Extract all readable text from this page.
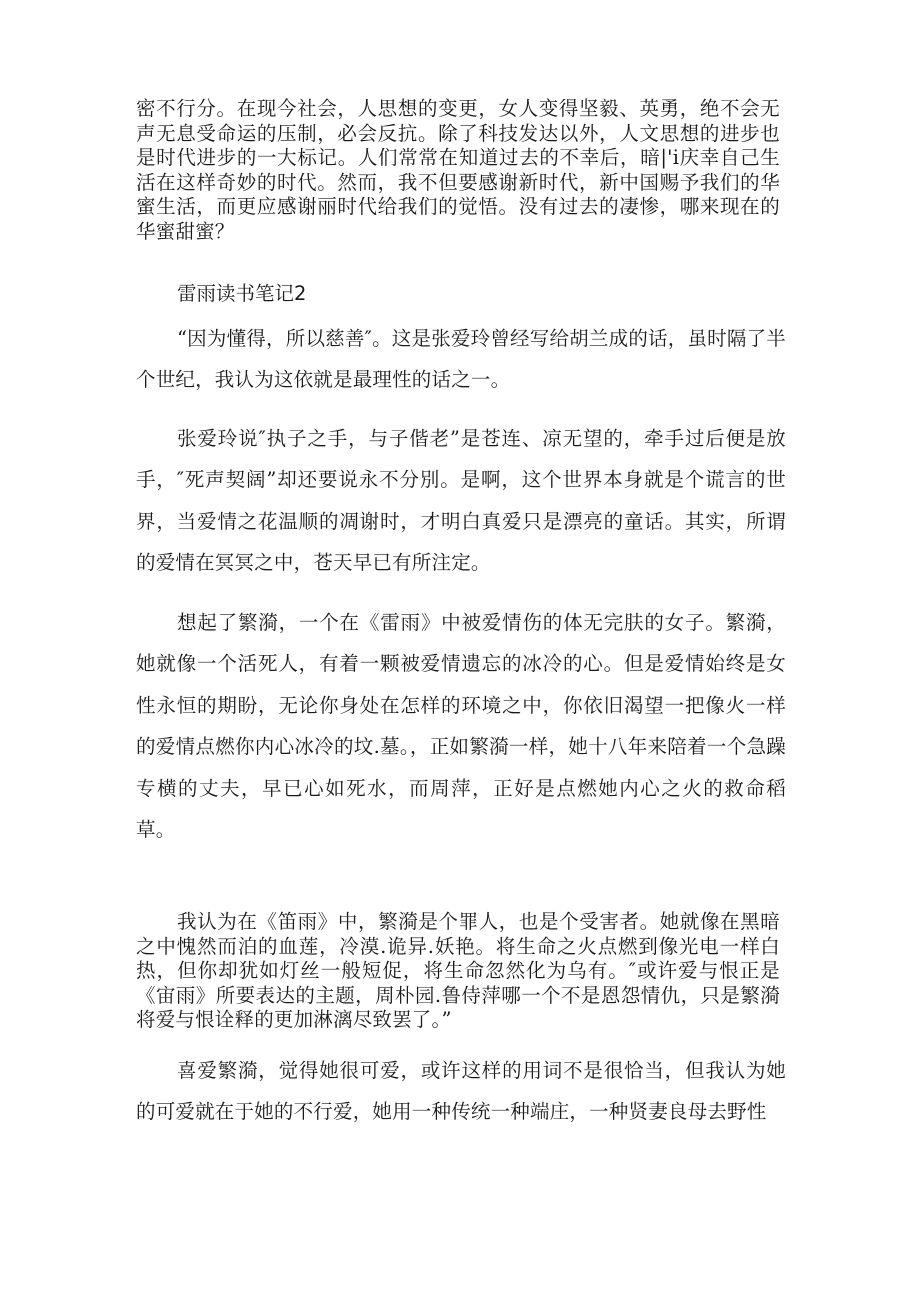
密不行分。在现今社会，人思想的变更，女人变得坚毅、英勇，绝不会无声无息受命运的压制，必会反抗。除了科技发达以外，人文思想的进步也是时代进步的一大标记。人们常常在知道过去的不幸后，暗|'i庆幸自己生活在这样奇妙的时代。然而，我不但要感谢新时代，新中国赐予我们的华蜜生活，而更应感谢丽时代给我们的觉悟。没有过去的凄惨，哪来现在的华蜜甜蜜？

雷雨读书笔记2

“因为懂得，所以慈善″。这是张爱玲曾经写给胡兰成的话，虽时隔了半个世纪，我认为这依就是最理性的话之一。

张爱玲说″执子之手，与子偕老”是苍连、凉无望的，牵手过后便是放手，″死声契阔”却还要说永不分別。是啊，这个世界本身就是个谎言的世界，当爱情之花温顺的凋谢时，才明白真爱只是漂亮的童话。其实，所谓的爱情在冥冥之中，苍天早已有所注定。

想起了繁漪，一个在《雷雨》中被爱情伤的体无完肤的女子。繁漪，她就像一个活死人，有着一颗被爱情遗忘的冰冷的心。但是爱情始终是女性永恒的期盼，无论你身处在怎样的环境之中，你依旧渴望一把像火一样的爱情点燃你内心冰冷的坟.墓。，正如繁漪一样，她十八年来陪着一个急躁专横的丈夫，早已心如死水，而周萍，正好是点燃她内心之火的救命稻草。

我认为在《笛雨》中，繁漪是个罪人，也是个受害者。她就像在黑暗之中愧然而泊的血莲，冷漠.诡异.妖艳。将生命之火点燃到像光电一样白热，但你却犹如灯丝一般短促，将生命忽然化为乌有。″或许爱与恨正是《宙雨》所要表达的主题，周朴园.鲁侍萍哪一个不是恩怨情仇，只是繁漪将爱与恨诠释的更加淋漓尽致罢了。”

喜爱繁漪，觉得她很可爱，或许这样的用词不是很恰当，但我认为她的可爱就在于她的不行爱，她用一种传统一种端庄，一种贤妻良母去野性
